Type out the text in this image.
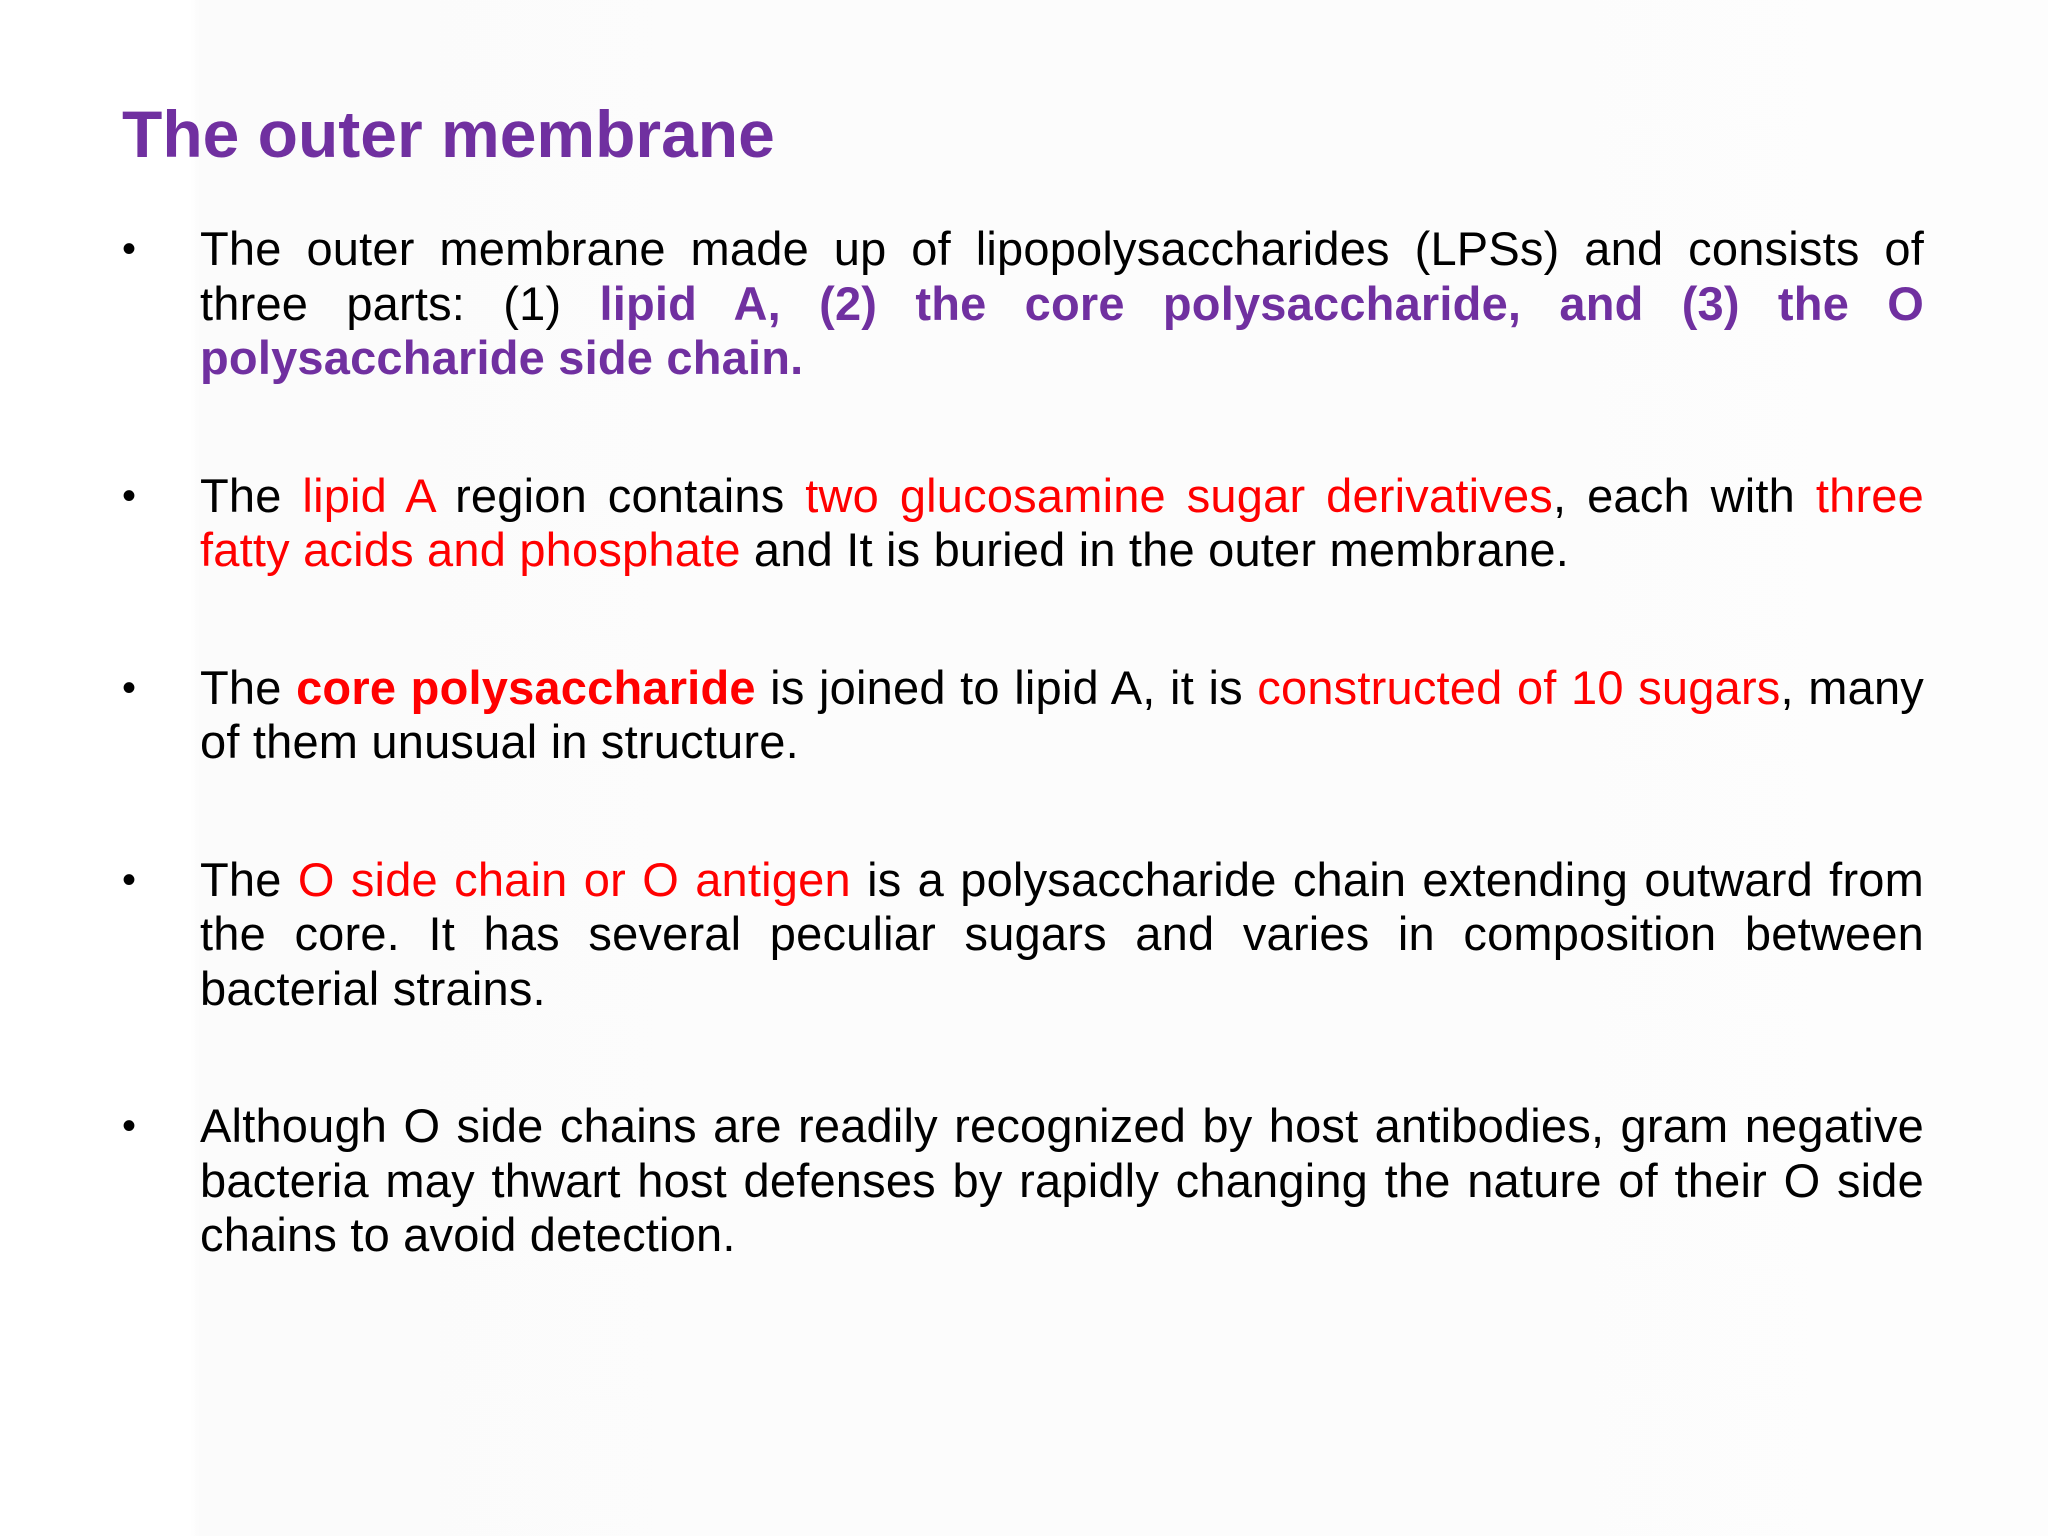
The outer membrane
• The outer membrane made up of lipopolysaccharides (LPSs) and consists of three parts: (1) lipid A, (2) the core polysaccharide, and (3) the O polysaccharide side chain.
• The lipid A region contains two glucosamine sugar derivatives, each with three fatty acids and phosphate and It is buried in the outer membrane.
• The core polysaccharide is joined to lipid A, it is constructed of 10 sugars, many of them unusual in structure.
• The O side chain or O antigen is a polysaccharide chain extending outward from the core. It has several peculiar sugars and varies in composition between bacterial strains.
• Although O side chains are readily recognized by host antibodies, gram negative bacteria may thwart host defenses by rapidly changing the nature of their O side chains to avoid detection.
